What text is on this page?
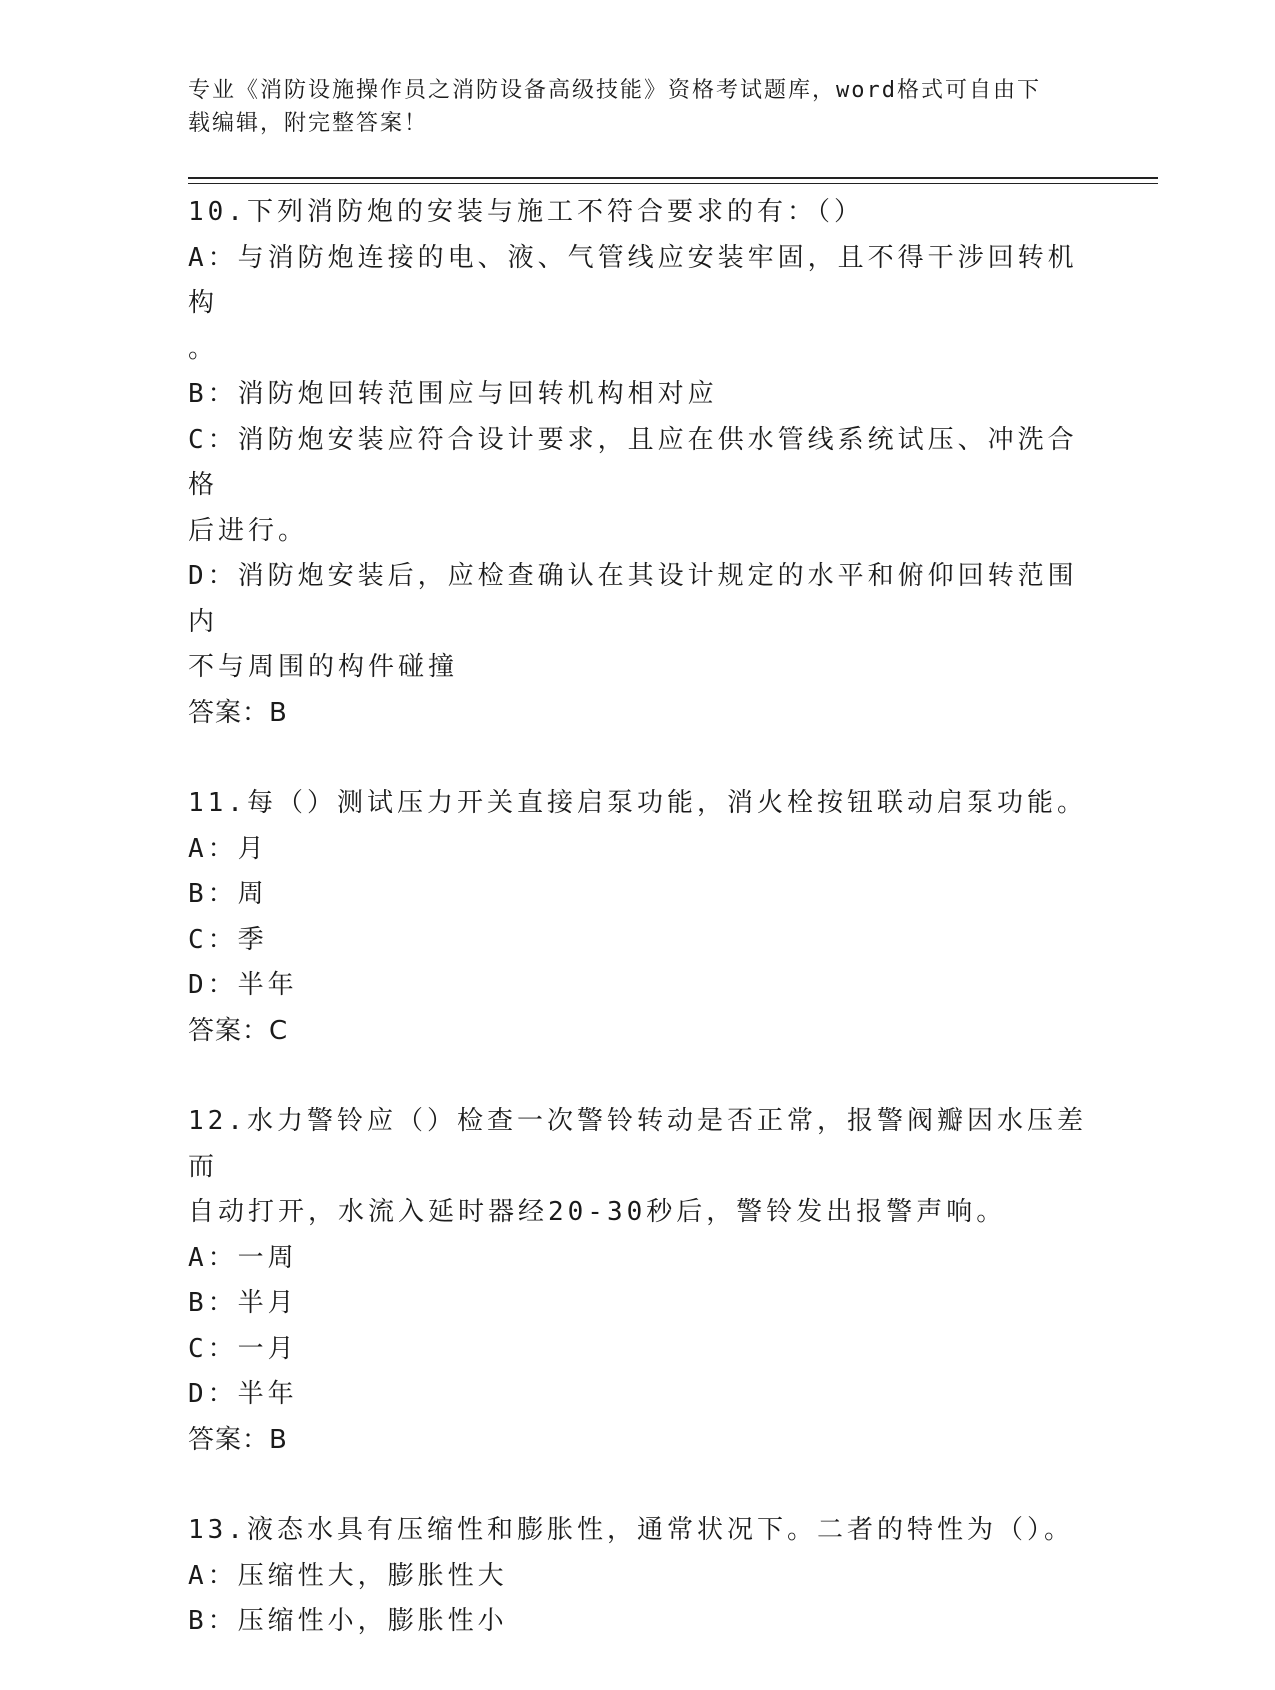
专业《消防设施操作员之消防设备高级技能》资格考试题库，word格式可自由下
载编辑，附完整答案！
10.下列消防炮的安装与施工不符合要求的有：（）
A：与消防炮连接的电、液、气管线应安装牢固，且不得干涉回转机构
。
B：消防炮回转范围应与回转机构相对应
C：消防炮安装应符合设计要求，且应在供水管线系统试压、冲洗合格
后进行。
D：消防炮安装后，应检查确认在其设计规定的水平和俯仰回转范围内
不与周围的构件碰撞
答案：B
11.每（）测试压力开关直接启泵功能，消火栓按钮联动启泵功能。
A：月
B：周
C：季
D：半年
答案：C
12.水力警铃应（）检查一次警铃转动是否正常，报警阀瓣因水压差而
自动打开，水流入延时器经20-30秒后，警铃发出报警声响。
A：一周
B：半月
C：一月
D：半年
答案：B
13.液态水具有压缩性和膨胀性，通常状况下。二者的特性为（）。
A：压缩性大，膨胀性大
B：压缩性小，膨胀性小
